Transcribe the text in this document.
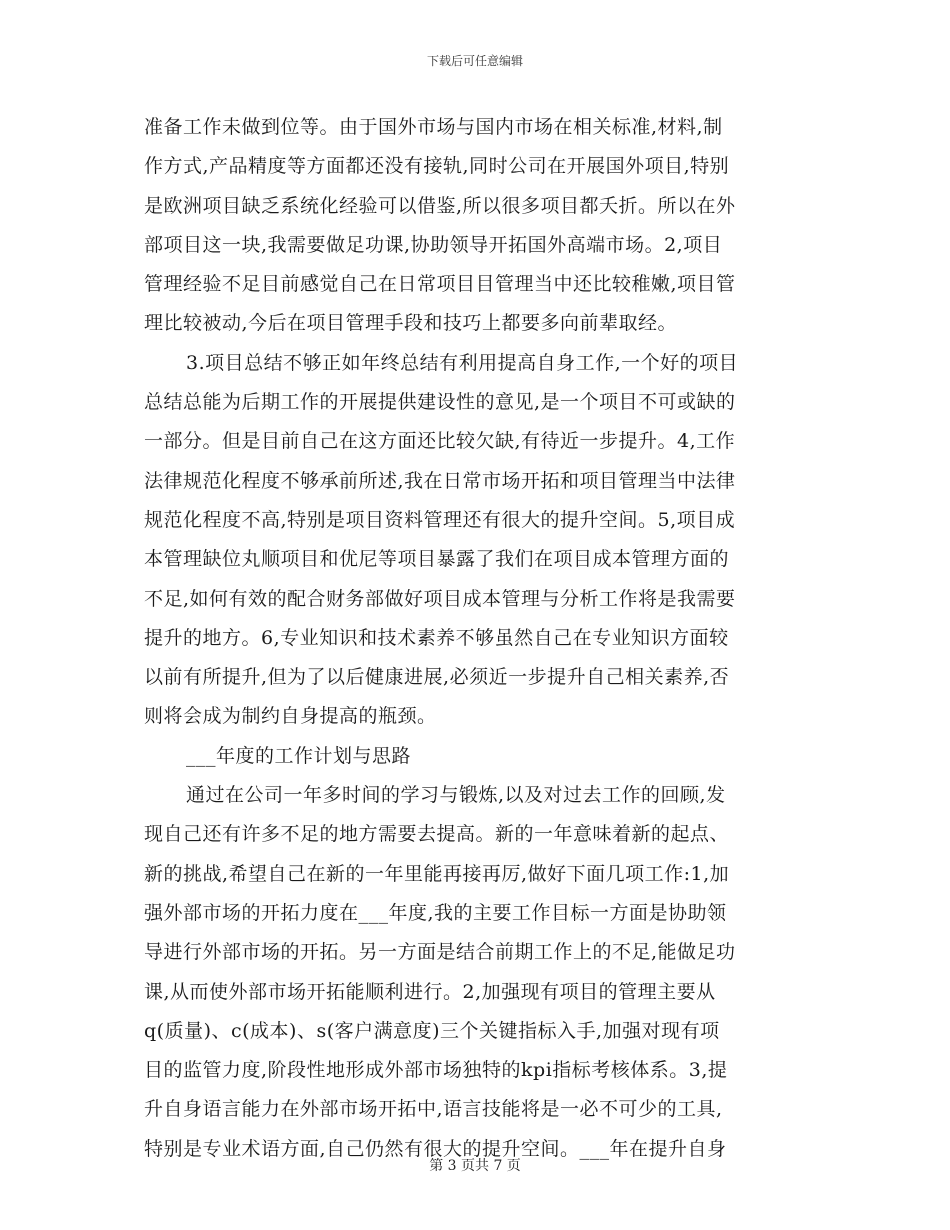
下载后可任意编辑
准备工作未做到位等。由于国外市场与国内市场在相关标准,材料,制
作方式,产品精度等方面都还没有接轨,同时公司在开展国外项目,特别
是欧洲项目缺乏系统化经验可以借鉴,所以很多项目都夭折。所以在外
部项目这一块,我需要做足功课,协助领导开拓国外高端市场。2,项目
管理经验不足目前感觉自己在日常项目目管理当中还比较稚嫩,项目管
理比较被动,今后在项目管理手段和技巧上都要多向前辈取经。
3.项目总结不够正如年终总结有利用提高自身工作,一个好的项目
总结总能为后期工作的开展提供建设性的意见,是一个项目不可或缺的
一部分。但是目前自己在这方面还比较欠缺,有待近一步提升。4,工作
法律规范化程度不够承前所述,我在日常市场开拓和项目管理当中法律
规范化程度不高,特别是项目资料管理还有很大的提升空间。5,项目成
本管理缺位丸顺项目和优尼等项目暴露了我们在项目成本管理方面的
不足,如何有效的配合财务部做好项目成本管理与分析工作将是我需要
提升的地方。6,专业知识和技术素养不够虽然自己在专业知识方面较
以前有所提升,但为了以后健康进展,必须近一步提升自己相关素养,否
则将会成为制约自身提高的瓶颈。
___年度的工作计划与思路
通过在公司一年多时间的学习与锻炼,以及对过去工作的回顾,发
现自己还有许多不足的地方需要去提高。新的一年意味着新的起点、
新的挑战,希望自己在新的一年里能再接再厉,做好下面几项工作:1,加
强外部市场的开拓力度在___年度,我的主要工作目标一方面是协助领
导进行外部市场的开拓。另一方面是结合前期工作上的不足,能做足功
课,从而使外部市场开拓能顺利进行。2,加强现有项目的管理主要从
q(质量)、c(成本)、s(客户满意度)三个关键指标入手,加强对现有项
目的监管力度,阶段性地形成外部市场独特的kpi指标考核体系。3,提
升自身语言能力在外部市场开拓中,语言技能将是一必不可少的工具,
特别是专业术语方面,自己仍然有很大的提升空间。___年在提升自身
第 3 页共 7 页
